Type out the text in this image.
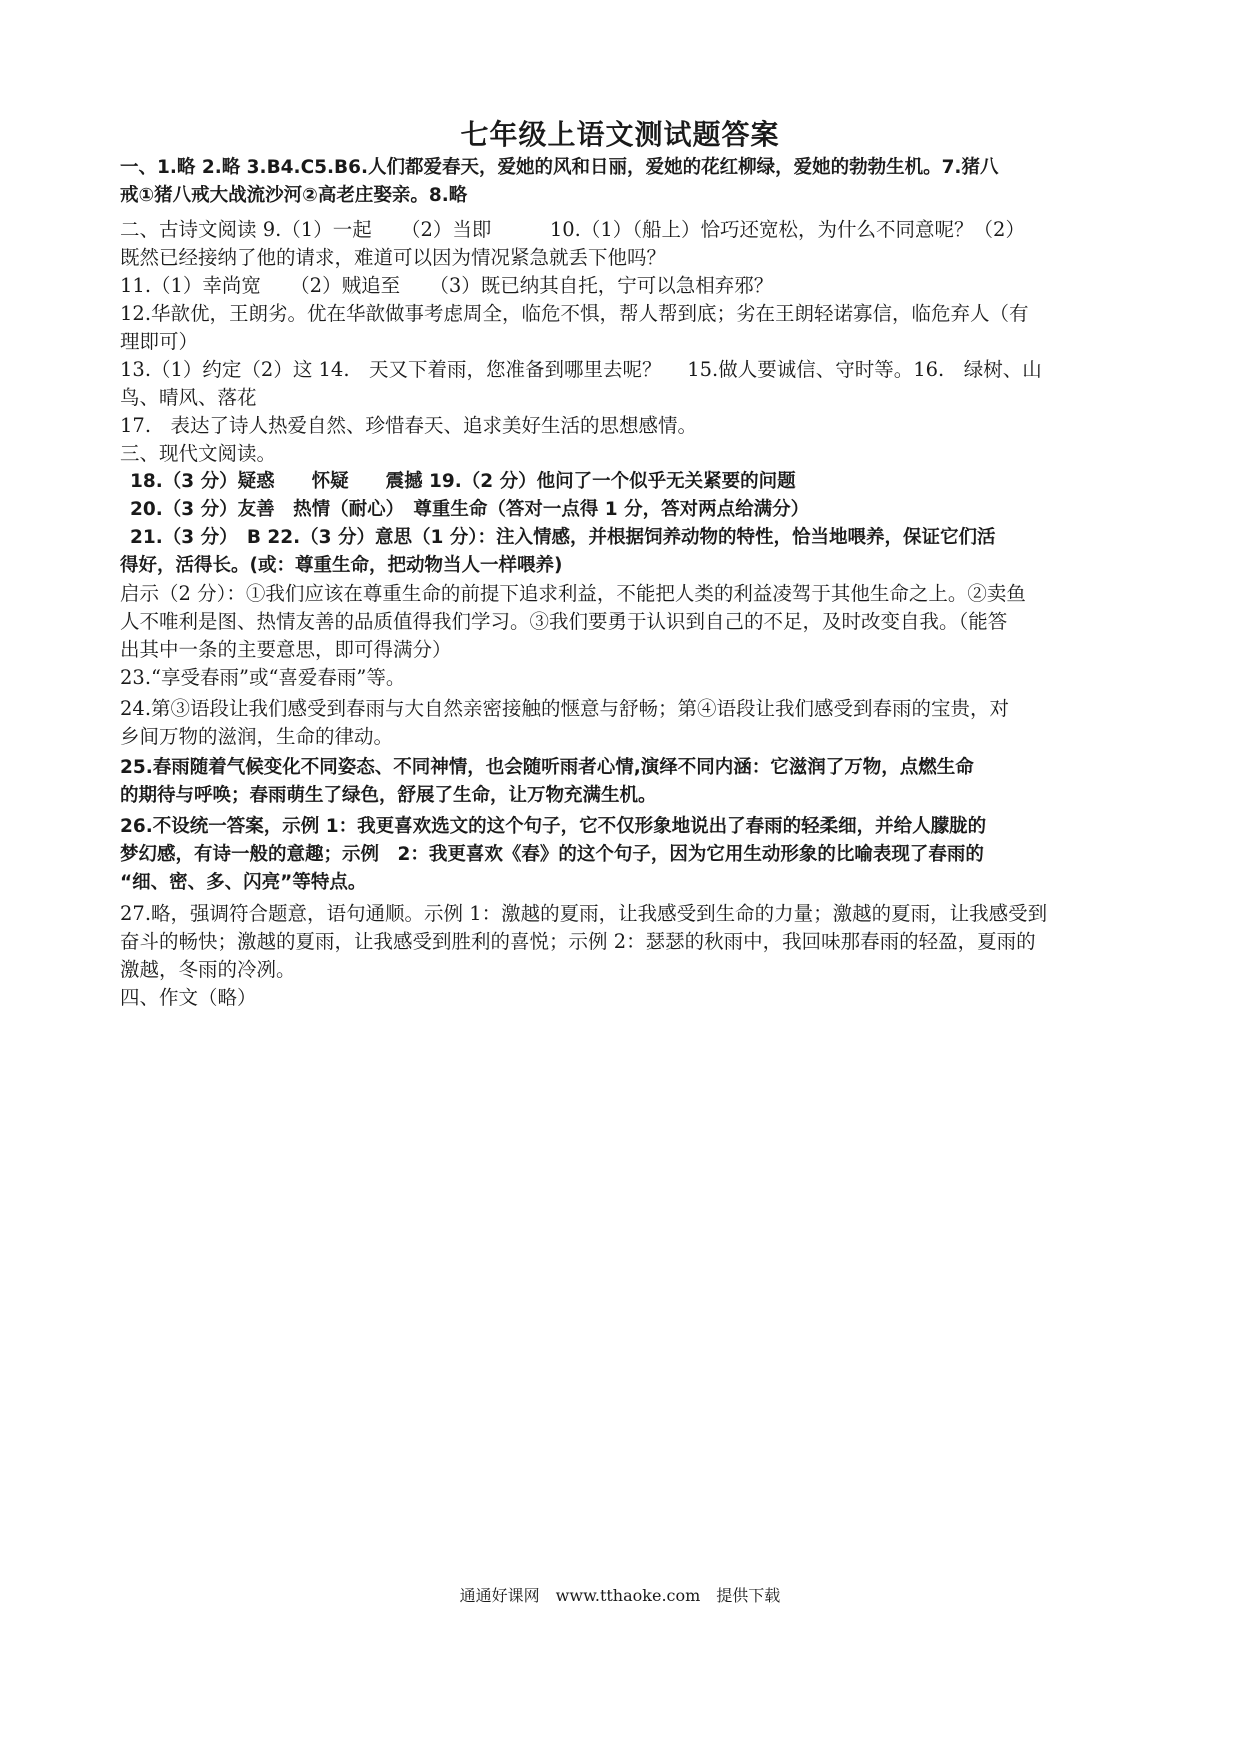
七年级上语文测试题答案
一、1.略 2.略 3.B4.C5.B6.人们都爱春天，爱她的风和日丽，爱她的花红柳绿，爱她的勃勃生机。7.猪八
戒①猪八戒大战流沙河②高老庄娶亲。8.略
二、古诗文阅读 9.（1）一起　　（2）当即　　　10.（1）（船上）恰巧还宽松，为什么不同意呢？（2）
既然已经接纳了他的请求，难道可以因为情况紧急就丢下他吗？
11.（1）幸尚宽　　（2）贼追至　　（3）既已纳其自托，宁可以急相弃邪？
12.华歆优，王朗劣。优在华歆做事考虑周全，临危不惧，帮人帮到底；劣在王朗轻诺寡信，临危弃人（有
理即可）
13.（1）约定（2）这 14.　天又下着雨，您准备到哪里去呢？　 15.做人要诚信、守时等。16.　绿树、山
鸟、晴风、落花
17.　表达了诗人热爱自然、珍惜春天、追求美好生活的思想感情。
三、现代文阅读。
18.（3 分）疑惑　　怀疑　　震撼 19.（2 分）他问了一个似乎无关紧要的问题
20.（3 分）友善　热情（耐心）　尊重生命（答对一点得 1 分，答对两点给满分）
21.（3 分）　B 22.（3 分）意思（1 分）：注入情感，并根据饲养动物的特性，恰当地喂养，保证它们活
得好，活得长。(或：尊重生命，把动物当人一样喂养)
启示（2 分）：①我们应该在尊重生命的前提下追求利益，不能把人类的利益凌驾于其他生命之上。②卖鱼
人不唯利是图、热情友善的品质值得我们学习。③我们要勇于认识到自己的不足，及时改变自我。（能答
出其中一条的主要意思，即可得满分）
23.“享受春雨”或“喜爱春雨”等。
24.第③语段让我们感受到春雨与大自然亲密接触的惬意与舒畅；第④语段让我们感受到春雨的宝贵，对
乡间万物的滋润，生命的律动。
25.春雨随着气候变化不同姿态、不同神情，也会随听雨者心情,演绎不同内涵：它滋润了万物，点燃生命
的期待与呼唤；春雨萌生了绿色，舒展了生命，让万物充满生机。
26.不设统一答案，示例 1：我更喜欢选文的这个句子，它不仅形象地说出了春雨的轻柔细，并给人朦胧的
梦幻感，有诗一般的意趣；示例　2：我更喜欢《春》的这个句子，因为它用生动形象的比喻表现了春雨的
“细、密、多、闪亮”等特点。
27.略，强调符合题意，语句通顺。示例 1：激越的夏雨，让我感受到生命的力量；激越的夏雨，让我感受到
奋斗的畅快；激越的夏雨，让我感受到胜利的喜悦；示例 2：瑟瑟的秋雨中，我回味那春雨的轻盈，夏雨的
激越，冬雨的冷冽。
四、作文（略）
通通好课网　www.tthaoke.com　提供下载
